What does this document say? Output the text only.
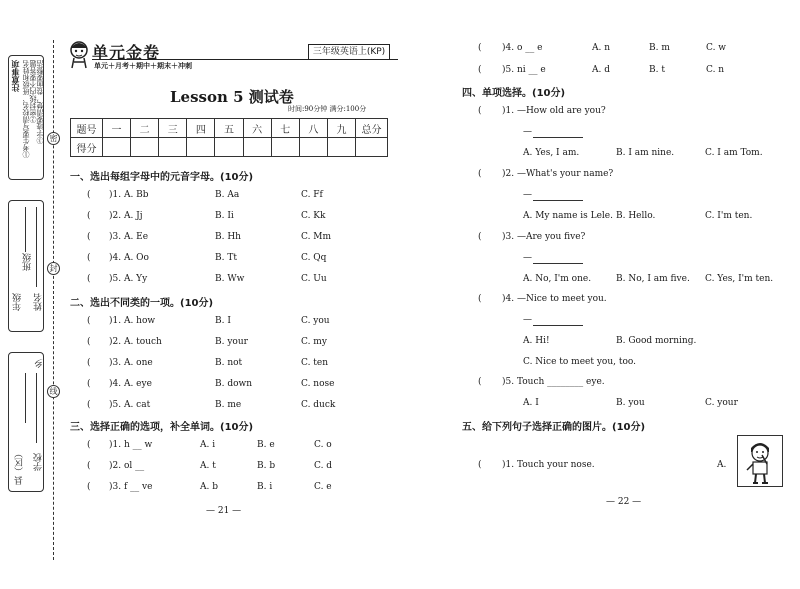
密
封
线
注意事项 ①考生要写清校名、班级和姓名 ②密封线内不要答题 ③字迹要清楚，卷面要整洁
班级
姓名
年级
乡
学校
县（区）
单元金卷
单元＋月考＋期中＋期末＋冲刺
三年级英语上(KP)
Lesson 5 测试卷
时间:90分钟 满分:100分
题号	一	二	三	四	五	六	七	八	九	总分
得分										
一、选出每组字母中的元音字母。(10分)
( )1. A. Bb	B. Aa	C. Ff
( )2. A. Jj	B. Ii	C. Kk
( )3. A. Ee	B. Hh	C. Mm
( )4. A. Oo	B. Tt	C. Qq
( )5. A. Yy	B. Ww	C. Uu
二、选出不同类的一项。(10分)
( )1. A. how	B. I	C. you
( )2. A. touch	B. your	C. my
( )3. A. one	B. not	C. ten
( )4. A. eye	B. down	C. nose
( )5. A. cat	B. me	C. duck
三、选择正确的选项，补全单词。(10分)
( )1. h __ w	A. i	B. e	C. o
( )2. ol __	A. t	B. b	C. d
( )3. f __ ve	A. b	B. i	C. e
— 21 —
( )4. o __ e	A. n	B. m	C. w
( )5. ni __ e	A. d	B. t	C. n
四、单项选择。(10分)
( )1. —How old are you?
—
A. Yes, I am.	B. I am nine.	C. I am Tom.
( )2. —What's your name?
—
A. My name is Lele. B. Hello.	C. I'm ten.
( )3. —Are you five?
—
A. No, I'm one.	B. No, I am five. C. Yes, I'm ten.
( )4. —Nice to meet you.
—
A. Hi!	B. Good morning.
C. Nice to meet you, too.
( )5. Touch ________ eye.
A. I	B. you	C. your
五、给下列句子选择正确的图片。(10分)
( )1. Touch your nose.	A.
— 22 —
